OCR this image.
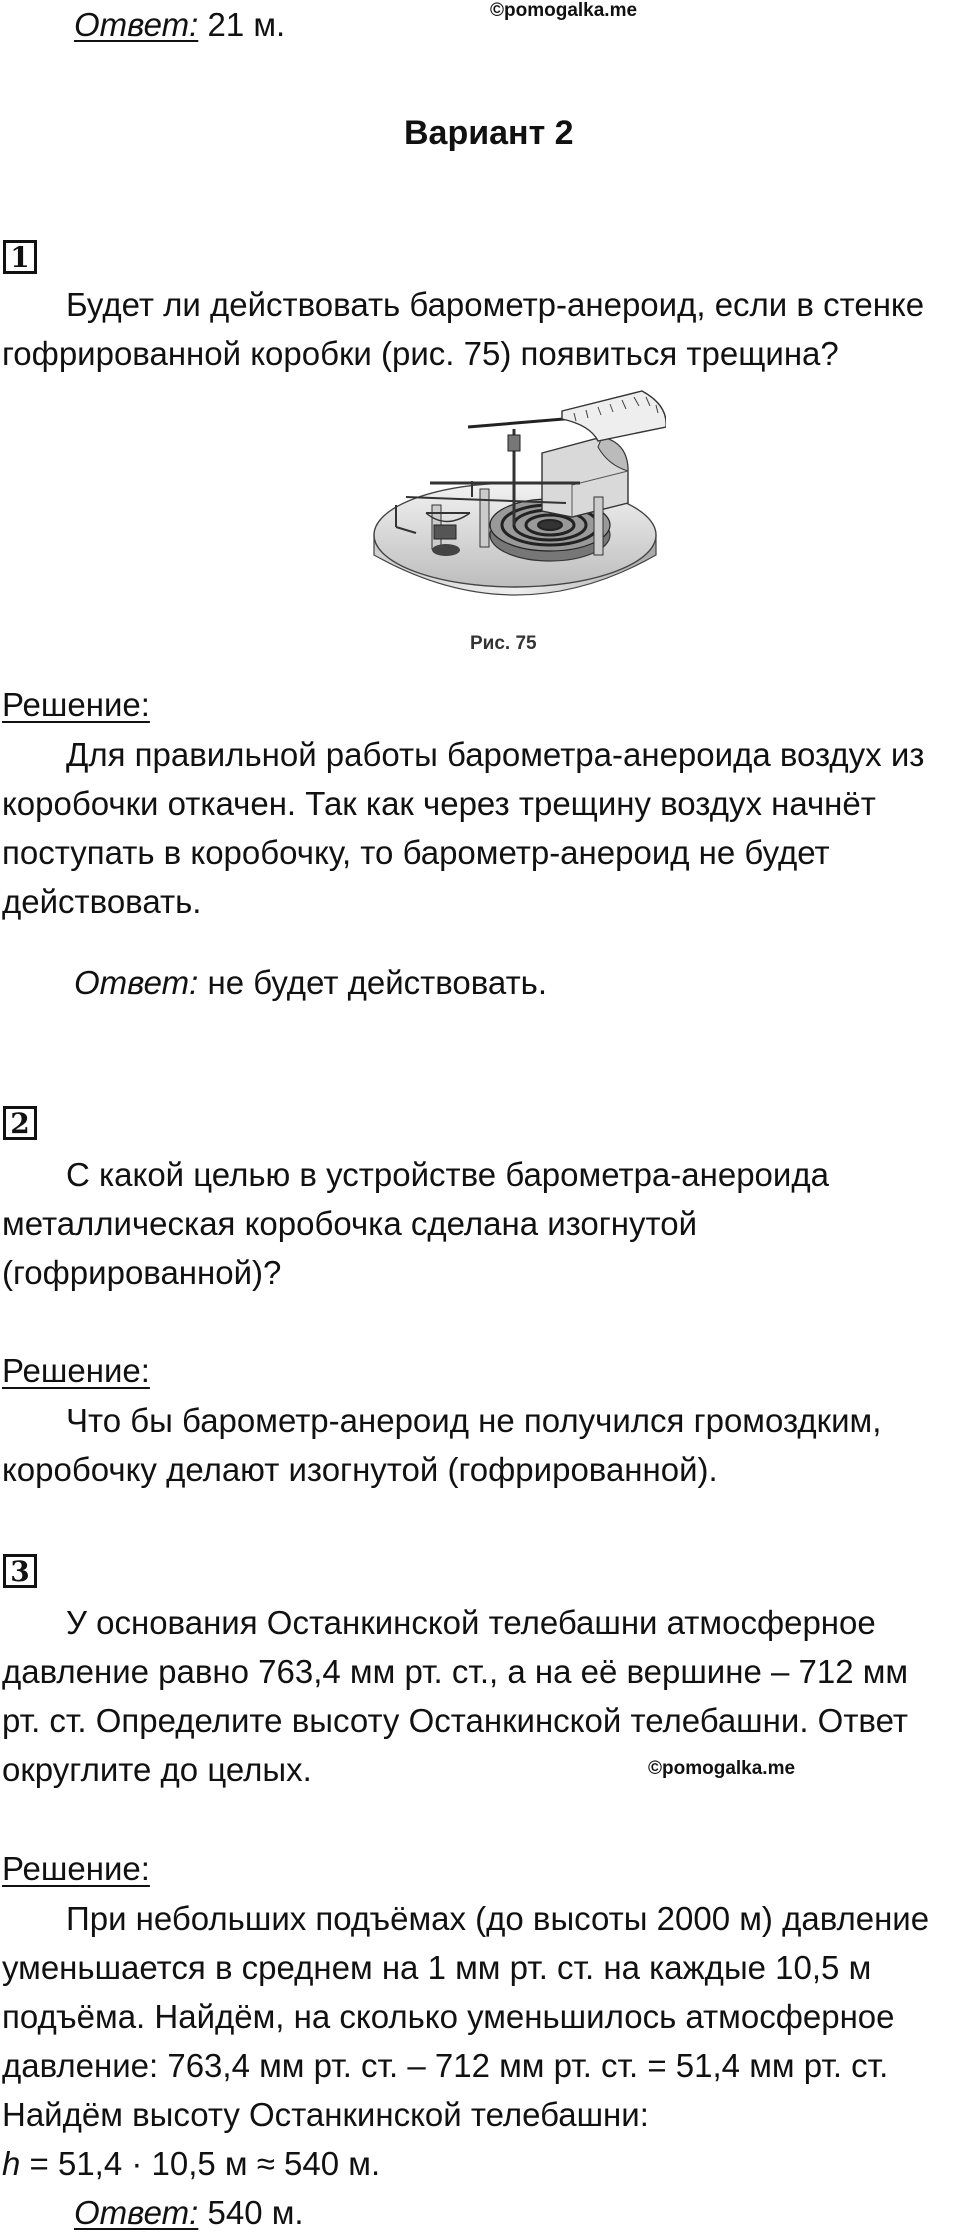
©pomogalka.me
Ответ: 21 м.
Вариант 2
1
Будет ли действовать барометр-анероид, если в стенке
гофрированной коробки (рис. 75) появиться трещина?
Рис. 75
Решение:
Для правильной работы барометра-анероида воздух из
коробочки откачен. Так как через трещину воздух начнёт
поступать в коробочку, то барометр-анероид не будет
действовать.
Ответ: не будет действовать.
2
С какой целью в устройстве барометра-анероида
металлическая коробочка сделана изогнутой
(гофрированной)?
Решение:
Что бы барометр-анероид не получился громоздким,
коробочку делают изогнутой (гофрированной).
3
У основания Останкинской телебашни атмосферное
давление равно 763,4 мм рт. ст., а на её вершине – 712 мм
рт. ст. Определите высоту Останкинской телебашни. Ответ
округлите до целых.	©pomogalka.me
Решение:
При небольших подъёмах (до высоты 2000 м) давление
уменьшается в среднем на 1 мм рт. ст. на каждые 10,5 м
подъёма. Найдём, на сколько уменьшилось атмосферное
давление: 763,4 мм рт. ст. – 712 мм рт. ст. = 51,4 мм рт. ст.
Найдём высоту Останкинской телебашни:
h = 51,4 · 10,5 м ≈ 540 м.
Ответ: 540 м.
